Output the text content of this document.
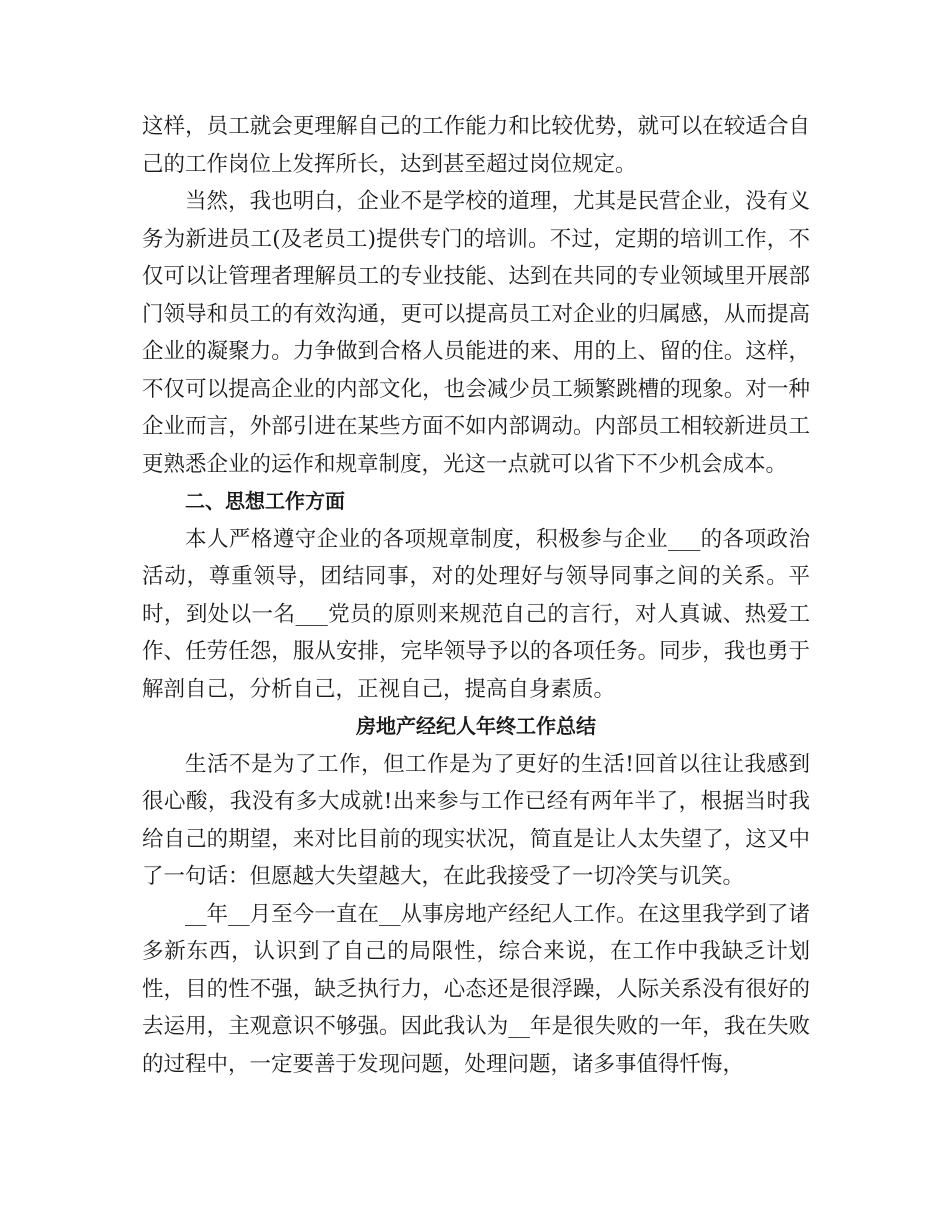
这样，员工就会更理解自己的工作能力和比较优势，就可以在较适合自己的工作岗位上发挥所长，达到甚至超过岗位规定。

当然，我也明白，企业不是学校的道理，尤其是民营企业，没有义务为新进员工(及老员工)提供专门的培训。不过，定期的培训工作，不仅可以让管理者理解员工的专业技能、达到在共同的专业领域里开展部门领导和员工的有效沟通，更可以提高员工对企业的归属感，从而提高企业的凝聚力。力争做到合格人员能进的来、用的上、留的住。这样，不仅可以提高企业的内部文化，也会减少员工频繁跳槽的现象。对一种企业而言，外部引进在某些方面不如内部调动。内部员工相较新进员工更熟悉企业的运作和规章制度，光这一点就可以省下不少机会成本。

二、思想工作方面

本人严格遵守企业的各项规章制度，积极参与企业___的各项政治活动，尊重领导，团结同事，对的处理好与领导同事之间的关系。平时，到处以一名___党员的原则来规范自己的言行，对人真诚、热爱工作、任劳任怨，服从安排，完毕领导予以的各项任务。同步，我也勇于解剖自己，分析自己，正视自己，提高自身素质。

房地产经纪人年终工作总结

生活不是为了工作，但工作是为了更好的生活!回首以往让我感到很心酸，我没有多大成就!出来参与工作已经有两年半了，根据当时我给自己的期望，来对比目前的现实状况，简直是让人太失望了，这又中了一句话：但愿越大失望越大，在此我接受了一切冷笑与讥笑。

__年__月至今一直在__从事房地产经纪人工作。在这里我学到了诸多新东西，认识到了自己的局限性，综合来说，在工作中我缺乏计划性，目的性不强，缺乏执行力，心态还是很浮躁，人际关系没有很好的去运用，主观意识不够强。因此我认为__年是很失败的一年，我在失败的过程中，一定要善于发现问题，处理问题，诸多事值得忏悔，
